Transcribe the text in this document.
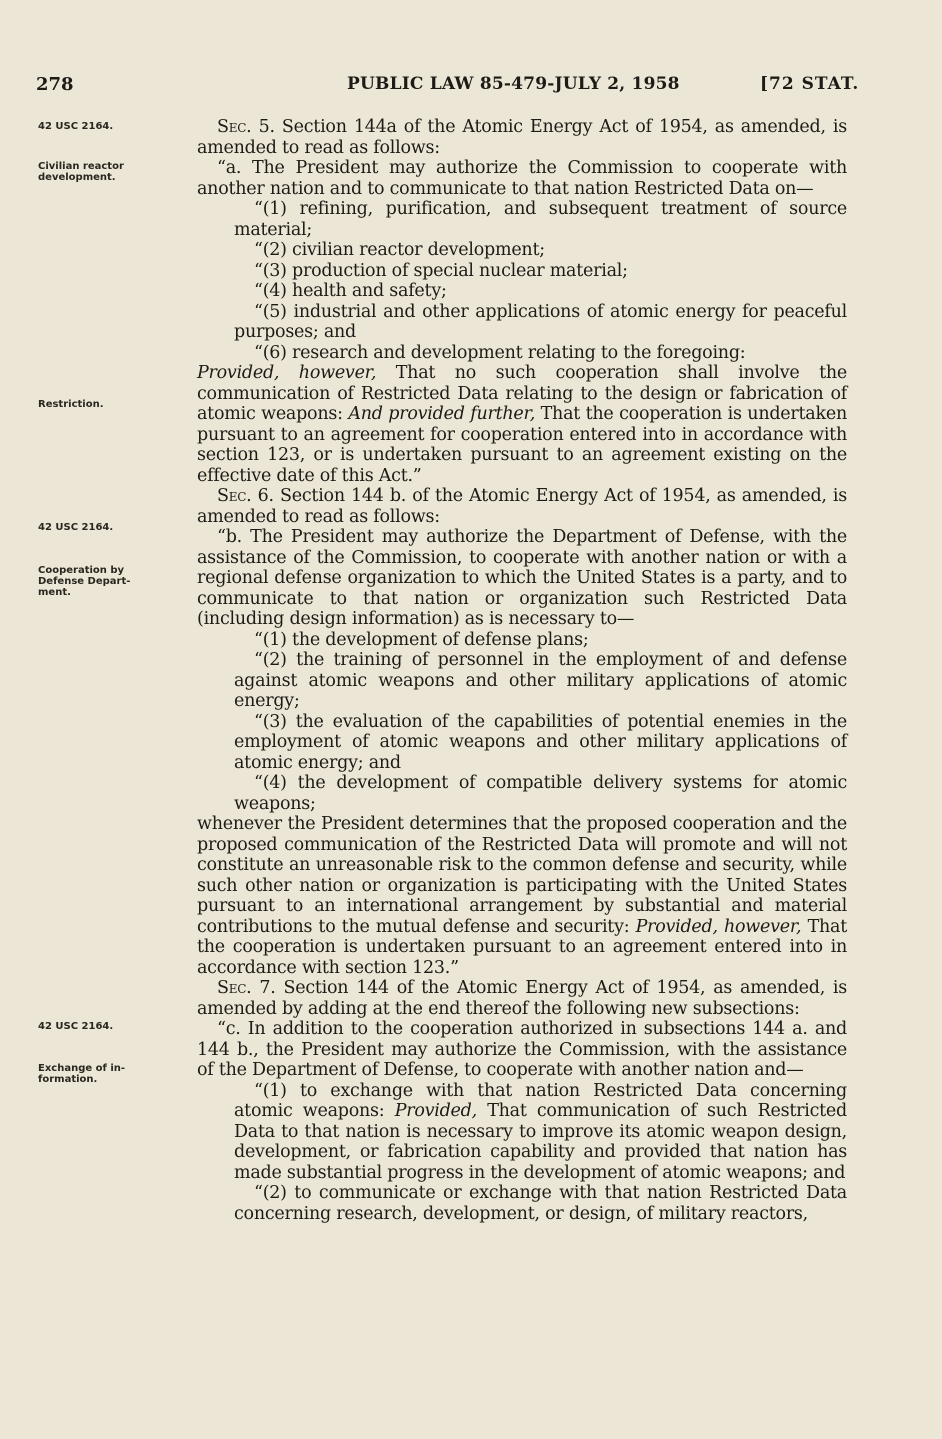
278	PUBLIC LAW 85-479-JULY 2, 1958	[72 STAT.
42 USC 2164.
Civilian reactor
development.
Restriction.
42 USC 2164.
Cooperation by
Defense Depart-
ment.
42 USC 2164.
Exchange of in-
formation.

Sec. 5. Section 144a of the Atomic Energy Act of 1954, as amended, is amended to read as follows:

“a. The President may authorize the Commission to cooperate with another nation and to communicate to that nation Restricted Data on—

“(1) refining, purification, and subsequent treatment of source material;

“(2) civilian reactor development;

“(3) production of special nuclear material;

“(4) health and safety;

“(5) industrial and other applications of atomic energy for peaceful purposes; and

“(6) research and development relating to the foregoing:

Provided, however, That no such cooperation shall involve the communication of Restricted Data relating to the design or fabrication of atomic weapons: And provided further, That the cooperation is undertaken pursuant to an agreement for cooperation entered into in accordance with section 123, or is undertaken pursuant to an agreement existing on the effective date of this Act.”

Sec. 6. Section 144 b. of the Atomic Energy Act of 1954, as amended, is amended to read as follows:

“b. The President may authorize the Department of Defense, with the assistance of the Commission, to cooperate with another nation or with a regional defense organization to which the United States is a party, and to communicate to that nation or organization such Restricted Data (including design information) as is necessary to—

“(1) the development of defense plans;

“(2) the training of personnel in the employment of and defense against atomic weapons and other military applications of atomic energy;

“(3) the evaluation of the capabilities of potential enemies in the employment of atomic weapons and other military applications of atomic energy; and

“(4) the development of compatible delivery systems for atomic weapons;

whenever the President determines that the proposed cooperation and the proposed communication of the Restricted Data will promote and will not constitute an unreasonable risk to the common defense and security, while such other nation or organization is participating with the United States pursuant to an international arrangement by substantial and material contributions to the mutual defense and security: Provided, however, That the cooperation is undertaken pursuant to an agreement entered into in accordance with section 123.”

Sec. 7. Section 144 of the Atomic Energy Act of 1954, as amended, is amended by adding at the end thereof the following new subsections:

“c. In addition to the cooperation authorized in subsections 144 a. and 144 b., the President may authorize the Commission, with the assistance of the Department of Defense, to cooperate with another nation and—

“(1) to exchange with that nation Restricted Data concerning atomic weapons: Provided, That communication of such Restricted Data to that nation is necessary to improve its atomic weapon design, development, or fabrication capability and provided that nation has made substantial progress in the development of atomic weapons; and

“(2) to communicate or exchange with that nation Restricted Data concerning research, development, or design, of military reactors,
